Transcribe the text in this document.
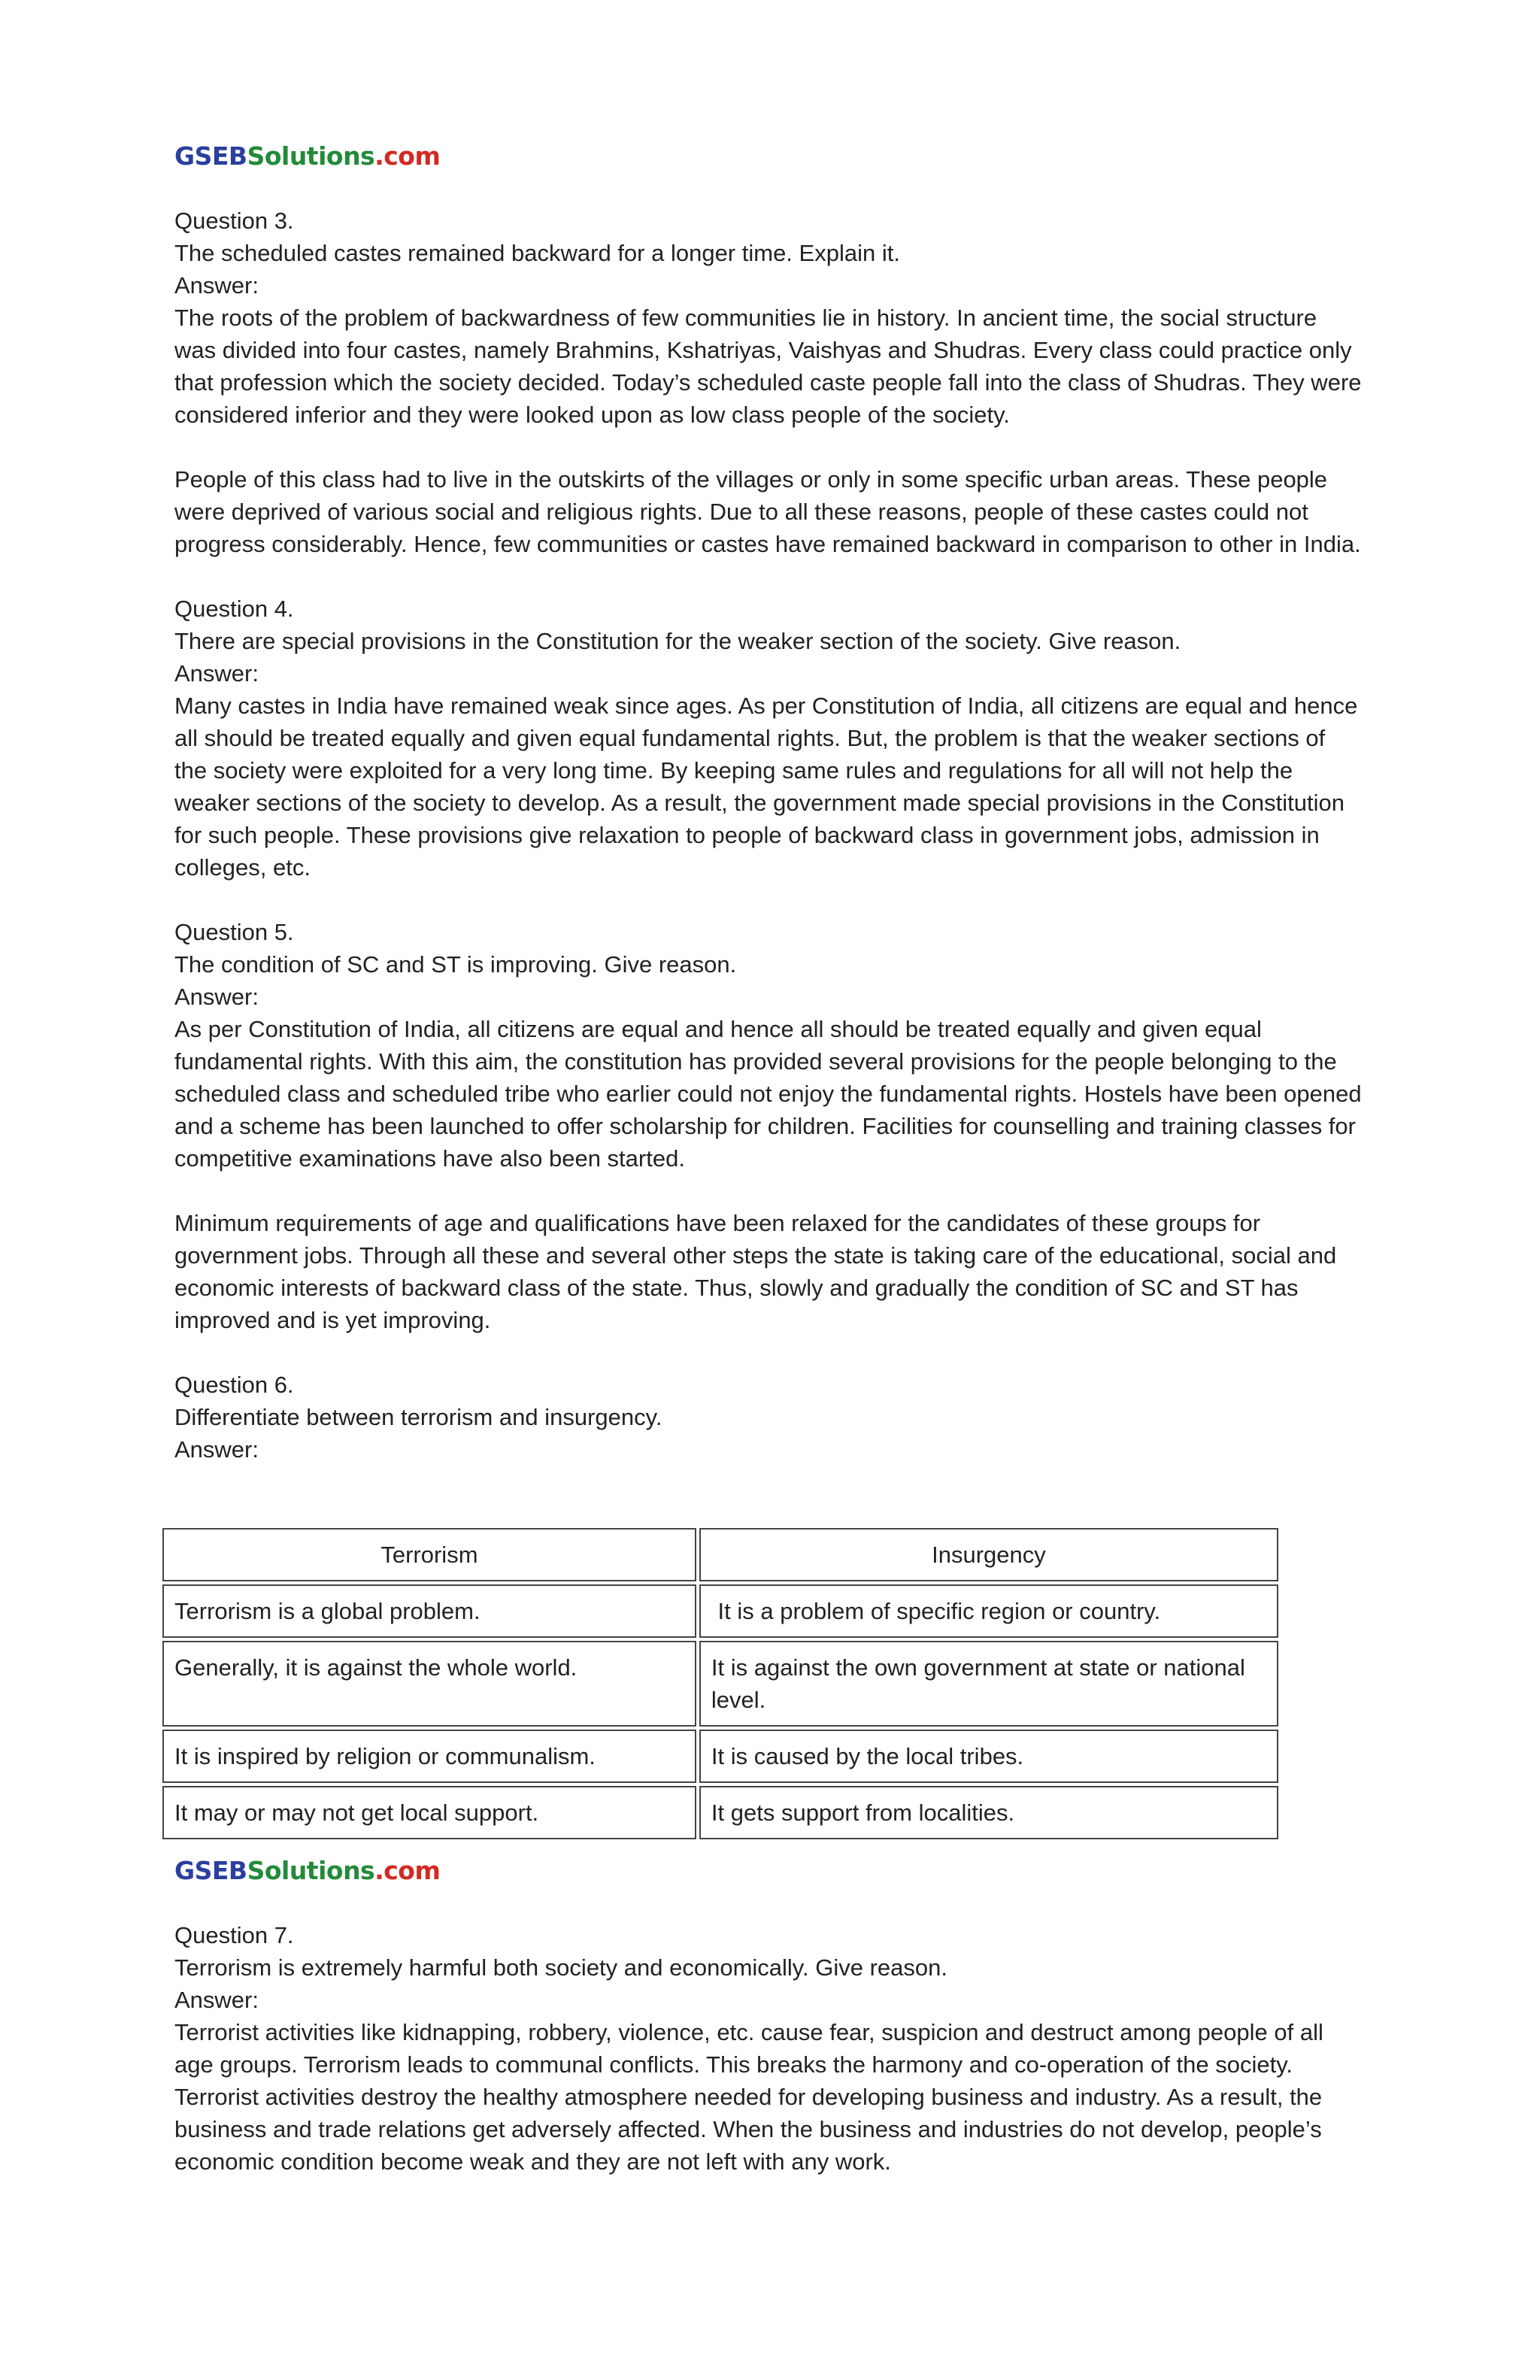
GSEBSolutions.com

Question 3.

The scheduled castes remained backward for a longer time. Explain it.

Answer:

The roots of the problem of backwardness of few communities lie in history. In ancient time, the social structure was divided into four castes, namely Brahmins, Kshatriyas, Vaishyas and Shudras. Every class could practice only that profession which the society decided. Today’s scheduled caste people fall into the class of Shudras. They were considered inferior and they were looked upon as low class people of the society.

People of this class had to live in the outskirts of the villages or only in some specific urban areas. These people were deprived of various social and religious rights. Due to all these reasons, people of these castes could not progress considerably. Hence, few communities or castes have remained backward in comparison to other in India.

Question 4.

There are special provisions in the Constitution for the weaker section of the society. Give reason.

Answer:

Many castes in India have remained weak since ages. As per Constitution of India, all citizens are equal and hence all should be treated equally and given equal fundamental rights. But, the problem is that the weaker sections of the society were exploited for a very long time. By keeping same rules and regulations for all will not help the weaker sections of the society to develop. As a result, the government made special provisions in the Constitution for such people. These provisions give relaxation to people of backward class in government jobs, admission in colleges, etc.

Question 5.

The condition of SC and ST is improving. Give reason.

Answer:

As per Constitution of India, all citizens are equal and hence all should be treated equally and given equal fundamental rights. With this aim, the constitution has provided several provisions for the people belonging to the scheduled class and scheduled tribe who earlier could not enjoy the fundamental rights. Hostels have been opened and a scheme has been launched to offer scholarship for children. Facilities for counselling and training classes for competitive examinations have also been started.

Minimum requirements of age and qualifications have been relaxed for the candidates of these groups for government jobs. Through all these and several other steps the state is taking care of the educational, social and economic interests of backward class of the state. Thus, slowly and gradually the condition of SC and ST has improved and is yet improving.

Question 6.

Differentiate between terrorism and insurgency.

Answer:

Terrorism	Insurgency
Terrorism is a global problem.	It is a problem of specific region or country.
Generally, it is against the whole world.	It is against the own government at state or national level.
It is inspired by religion or communalism.	It is caused by the local tribes.
It may or may not get local support.	It gets support from localities.
GSEBSolutions.com

Question 7.

Terrorism is extremely harmful both society and economically. Give reason.

Answer:

Terrorist activities like kidnapping, robbery, violence, etc. cause fear, suspicion and destruct among people of all age groups. Terrorism leads to communal conflicts. This breaks the harmony and co-operation of the society. Terrorist activities destroy the healthy atmosphere needed for developing business and industry. As a result, the business and trade relations get adversely affected. When the business and industries do not develop, people’s economic condition become weak and they are not left with any work.
